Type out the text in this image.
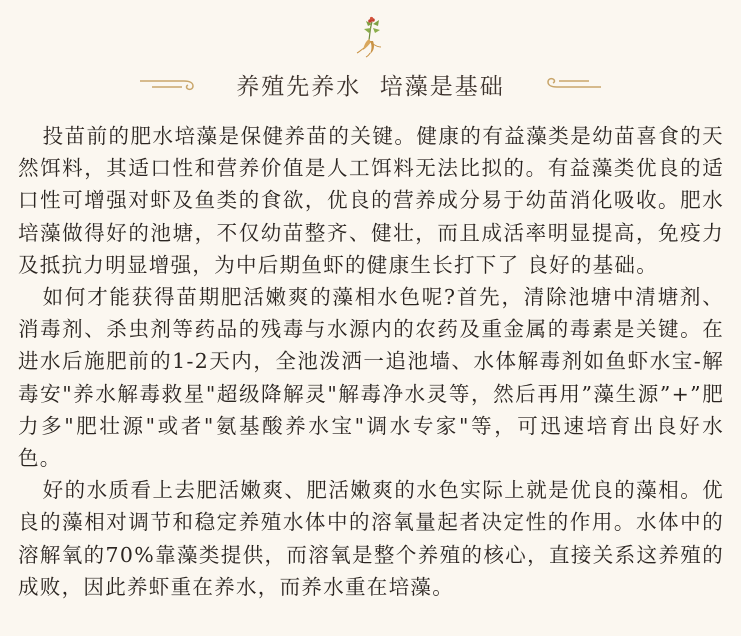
养殖先养水  培藻是基础

投苗前的肥水培藻是保健养苗的关键。健康的有益藻类是幼苗喜食的天然饵料，其适口性和营养价值是人工饵料无法比拟的。有益藻类优良的适口性可增强对虾及鱼类的食欲，优良的营养成分易于幼苗消化吸收。肥水培藻做得好的池塘，不仅幼苗整齐、健壮，而且成活率明显提高，免疫力及抵抗力明显增强，为中后期鱼虾的健康生长打下了 良好的基础。

如何才能获得苗期肥活嫩爽的藻相水色呢?首先，清除池塘中清塘剂、消毒剂、杀虫剂等药品的残毒与水源内的农药及重金属的毒素是关键。在进水后施肥前的1-2天内，全池泼洒一追池墙、水体解毒剂如鱼虾水宝-解毒安"养水解毒救星"超级降解灵"解毒净水灵等，然后再用”藻生源”+”肥力多"肥壮源"或者"氨基酸养水宝"调水专家"等，可迅速培育出良好水色。

好的水质看上去肥活嫩爽、肥活嫩爽的水色实际上就是优良的藻相。优良的藻相对调节和稳定养殖水体中的溶氧量起者决定性的作用。水体中的溶解氧的70%靠藻类提供，而溶氧是整个养殖的核心，直接关系这养殖的成败，因此养虾重在养水，而养水重在培藻。
